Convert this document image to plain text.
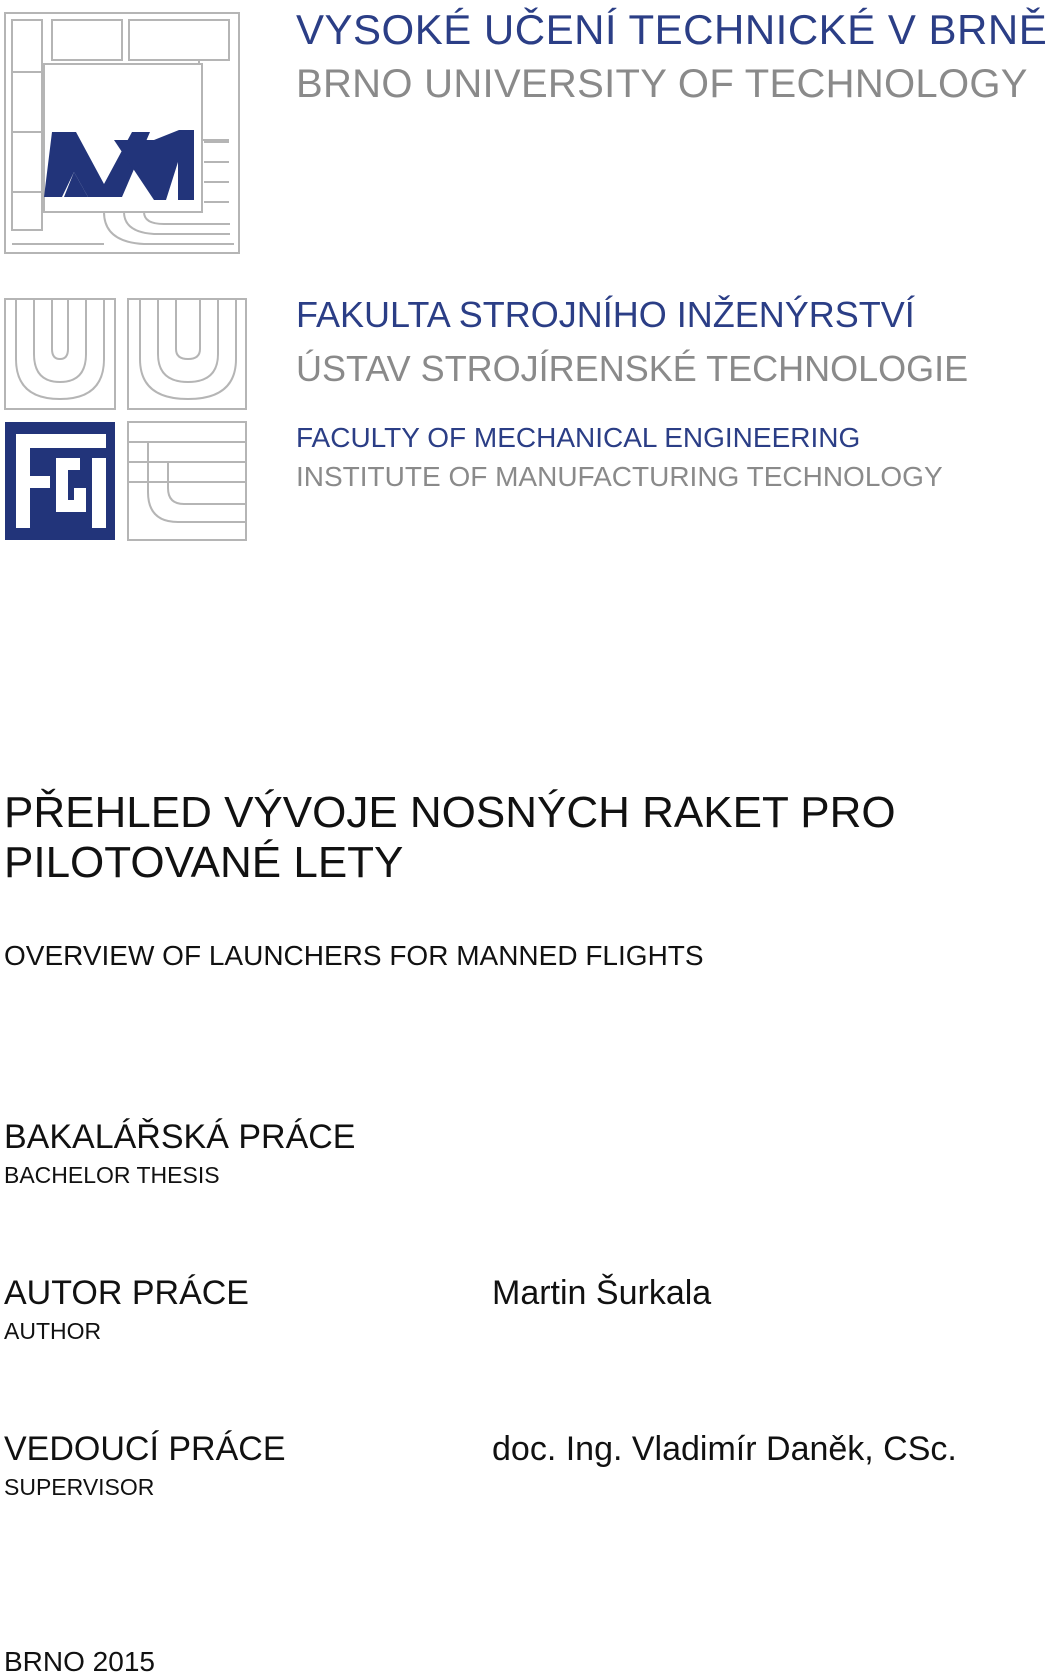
VYSOKÉ UČENÍ TECHNICKÉ V BRNĚ
BRNO UNIVERSITY OF TECHNOLOGY
FAKULTA STROJNÍHO INŽENÝRSTVÍ
ÚSTAV STROJÍRENSKÉ TECHNOLOGIE
FACULTY OF MECHANICAL ENGINEERING
INSTITUTE OF MANUFACTURING TECHNOLOGY
PŘEHLED VÝVOJE NOSNÝCH RAKET PRO PILOTOVANÉ LETY
OVERVIEW OF LAUNCHERS FOR MANNED FLIGHTS
BAKALÁŘSKÁ PRÁCE
BACHELOR THESIS
AUTOR PRÁCE
AUTHOR
Martin Šurkala
VEDOUCÍ PRÁCE
SUPERVISOR
doc. Ing. Vladimír Daněk, CSc.
BRNO 2015
